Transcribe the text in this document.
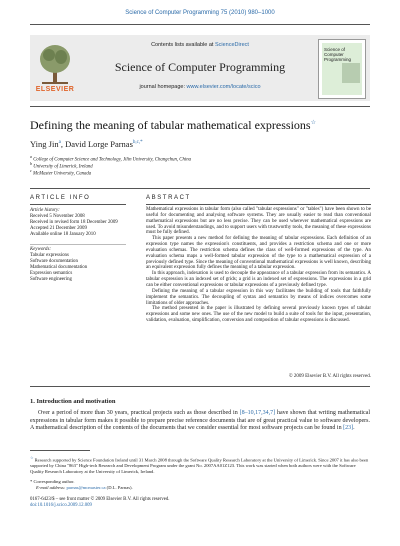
Science of Computer Programming 75 (2010) 980–1000
ELSEVIER
Contents lists available at ScienceDirect
Science of Computer Programming
journal homepage: www.elsevier.com/locate/scico
Science of Computer Programming
Defining the meaning of tabular mathematical expressions☆
Ying Jin$^a$, David Lorge Parnas$^{b,c,*}$
$^a$ College of Computer Science and Technology, Jilin University, Changchun, China
$^b$ University of Limerick, Ireland
$^c$ McMaster University, Canada
ARTICLE INFO
Article history:
Received 5 November 2008
Received in revised form 18 December 2009
Accepted 21 December 2009
Available online 18 January 2010
Keywords:
Tabular expressions
Software documentation
Mathematical documentation
Expression semantics
Software engineering
ABSTRACT

Mathematical expressions in tabular form (also called "tabular expressions" or "tables") have been shown to be useful for documenting and analysing software systems. They are usually easier to read than conventional mathematical expressions but are no less precise. They can be used wherever mathematical expressions are used. To avoid misunderstandings, and to support users with trustworthy tools, the meaning of these expressions must be fully defined.

This paper presents a new method for defining the meaning of tabular expressions. Each definition of an expression type names the expression's constituents, and provides a restriction schema and one or more evaluation schemas. The restriction schema defines the class of well-formed expressions of the type. An evaluation schema maps a well-formed tabular expression of the type to a mathematical expression of a previously defined type. Since the meaning of conventional mathematical expressions is well known, describing an equivalent expression fully defines the meaning of a tabular expression.

In this approach, indexation is used to decouple the appearance of a tabular expression from its semantics. A tabular expression is an indexed set of grids; a grid is an indexed set of expressions. The expressions in a grid can be either conventional expressions or tabular expressions of a previously defined type.

Defining the meaning of a tabular expression in this way facilitates the building of tools that faithfully implement the semantics. The decoupling of syntax and semantics by means of indices overcomes some limitations of older approaches.

The method presented in the paper is illustrated by defining several previously known types of tabular expressions and some new ones. The use of the new model to build a suite of tools for the input, presentation, validation, evaluation, simplification, conversion and composition of tabular expressions is discussed.

© 2009 Elsevier B.V. All rights reserved.
1. Introduction and motivation

Over a period of more than 30 years, practical projects such as those described in [8–10,17,34,7] have shown that writing mathematical expressions in tabular form makes it possible to prepare precise reference documents that are of great practical value to software developers. A mathematical description of the contents of the documents that we consider essential for most software projects can be found in [23].

☆ Research supported by Science Foundation Ireland until 31 March 2008 through the Software Quality Research Laboratory at the University of Limerick. Since 2007 it has also been supported by China "863" High-tech Research and Development Program under the grant No. 2007AA01Z123. This work was started when both authors were with the Software Quality Research Laboratory at the University of Limerick, Ireland.
* Corresponding author.
E-mail address: parnas@mcmaster.ca (D.L. Parnas).
0167-6423/$ – see front matter © 2009 Elsevier B.V. All rights reserved.
doi:10.1016/j.scico.2009.12.009
